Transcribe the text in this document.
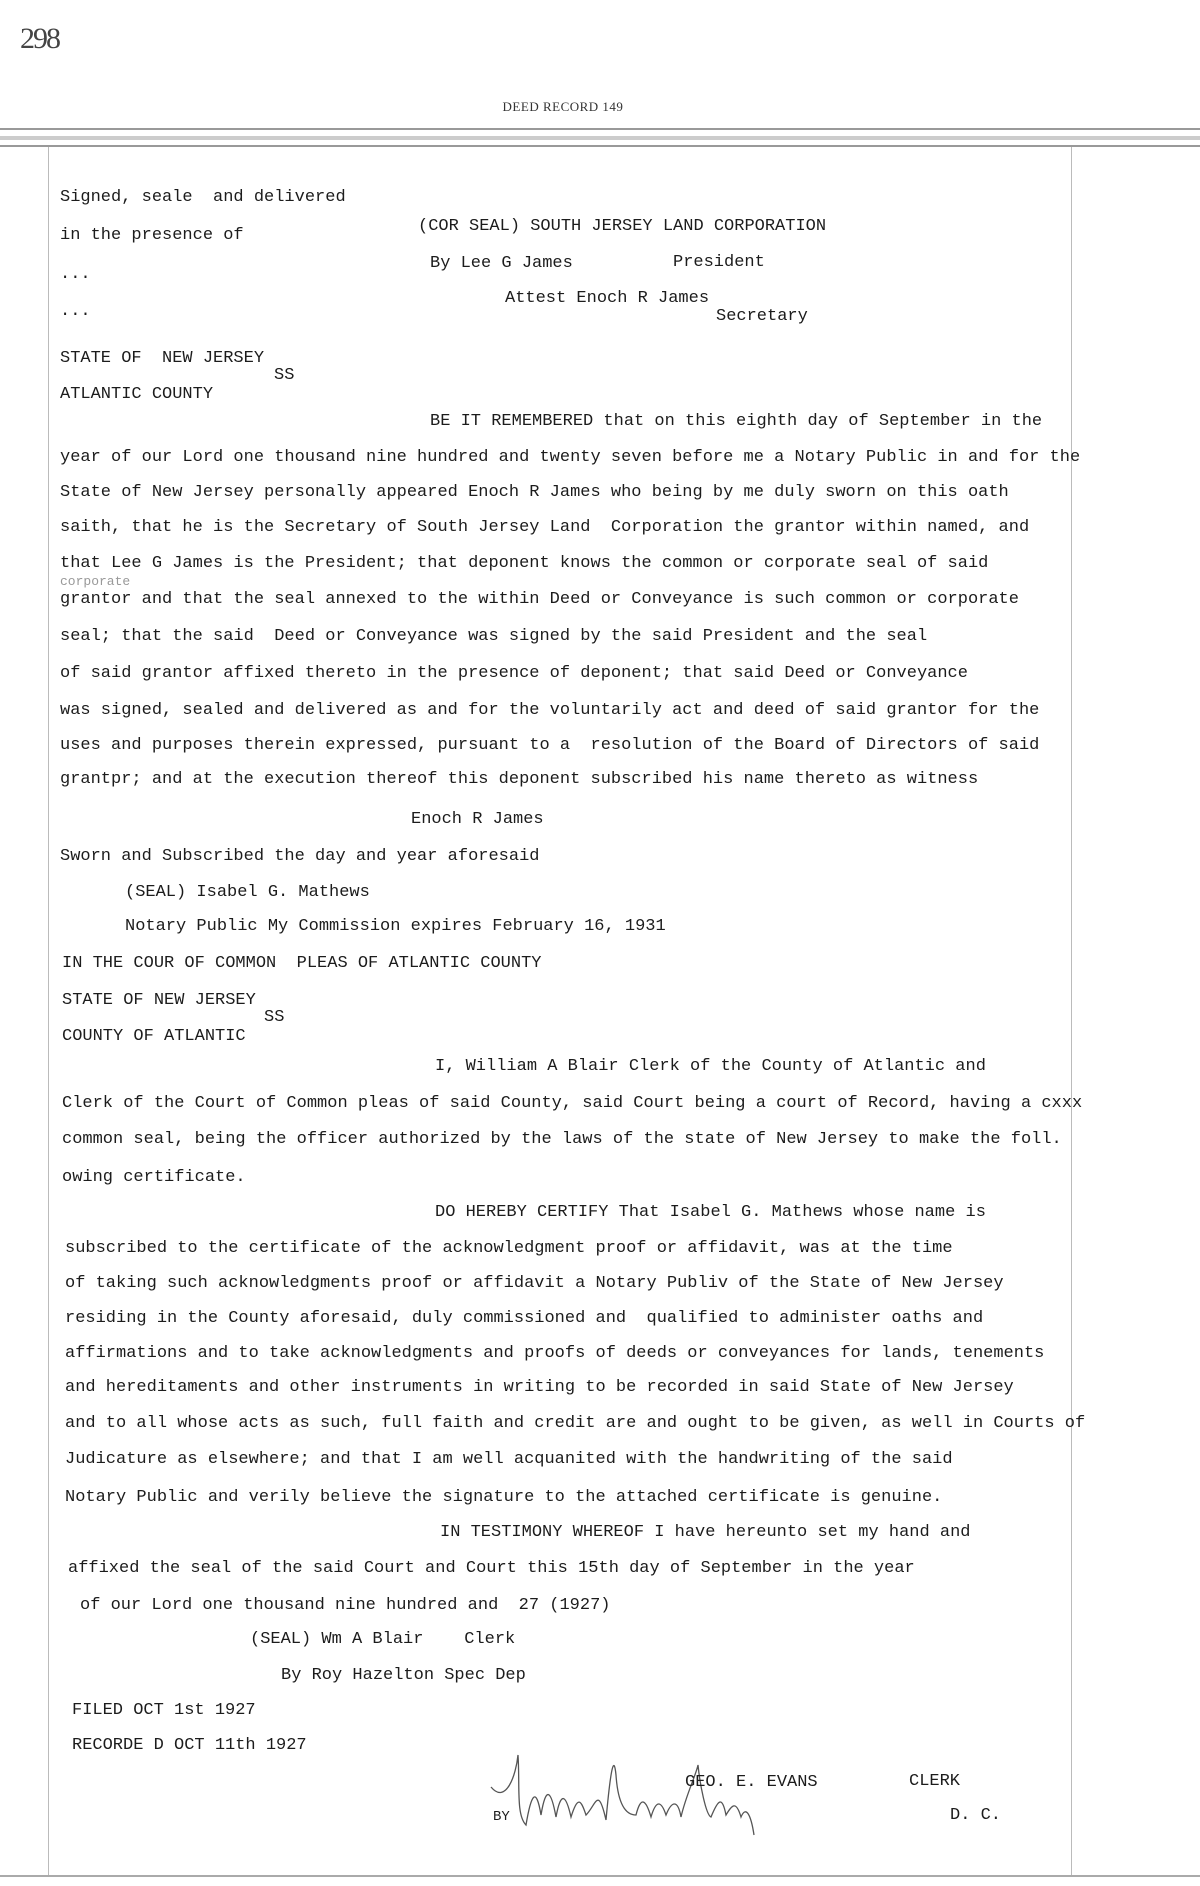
298
DEED RECORD 149
Signed, seale  and delivered
in the presence of	(COR SEAL) SOUTH JERSEY LAND CORPORATION
...
By Lee G James	President
...
Attest Enoch R James
Secretary
STATE OF  NEW JERSEY
SS
ATLANTIC COUNTY
BE IT REMEMBERED that on this eighth day of September in the
year of our Lord one thousand nine hundred and twenty seven before me a Notary Public in and for the
State of New Jersey personally appeared Enoch R James who being by me duly sworn on this oath
saith, that he is the Secretary of South Jersey Land  Corporation the grantor within named, and
that Lee G James is the President; that deponent knows the common or corporate seal of said
corporate
grantor and that the seal annexed to the within Deed or Conveyance is such common or corporate
seal; that the said  Deed or Conveyance was signed by the said President and the seal
of said grantor affixed thereto in the presence of deponent; that said Deed or Conveyance
was signed, sealed and delivered as and for the voluntarily act and deed of said grantor for the
uses and purposes therein expressed, pursuant to a  resolution of the Board of Directors of said
grantpr; and at the execution thereof this deponent subscribed his name thereto as witness
Enoch R James
Sworn and Subscribed the day and year aforesaid
(SEAL) Isabel G. Mathews
Notary Public My Commission expires February 16, 1931
IN THE COUR OF COMMON  PLEAS OF ATLANTIC COUNTY
STATE OF NEW JERSEY
SS
COUNTY OF ATLANTIC
I, William A Blair Clerk of the County of Atlantic and
Clerk of the Court of Common pleas of said County, said Court being a court of Record, having a cxxx
common seal, being the officer authorized by the laws of the state of New Jersey to make the foll.
owing certificate.
DO HEREBY CERTIFY That Isabel G. Mathews whose name is
subscribed to the certificate of the acknowledgment proof or affidavit, was at the time
of taking such acknowledgments proof or affidavit a Notary Publiv of the State of New Jersey
residing in the County aforesaid, duly commissioned and  qualified to administer oaths and
affirmations and to take acknowledgments and proofs of deeds or conveyances for lands, tenements
and hereditaments and other instruments in writing to be recorded in said State of New Jersey
and to all whose acts as such, full faith and credit are and ought to be given, as well in Courts of
Judicature as elsewhere; and that I am well acquanited with the handwriting of the said
Notary Public and verily believe the signature to the attached certificate is genuine.
IN TESTIMONY WHEREOF I have hereunto set my hand and
affixed the seal of the said Court and Court this 15th day of September in the year
of our Lord one thousand nine hundred and  27 (1927)
(SEAL) Wm A Blair    Clerk
By Roy Hazelton Spec Dep
FILED OCT 1st 1927
RECORDE D OCT 11th 1927
GEO. E. EVANS	CLERK
BY	D. C.
